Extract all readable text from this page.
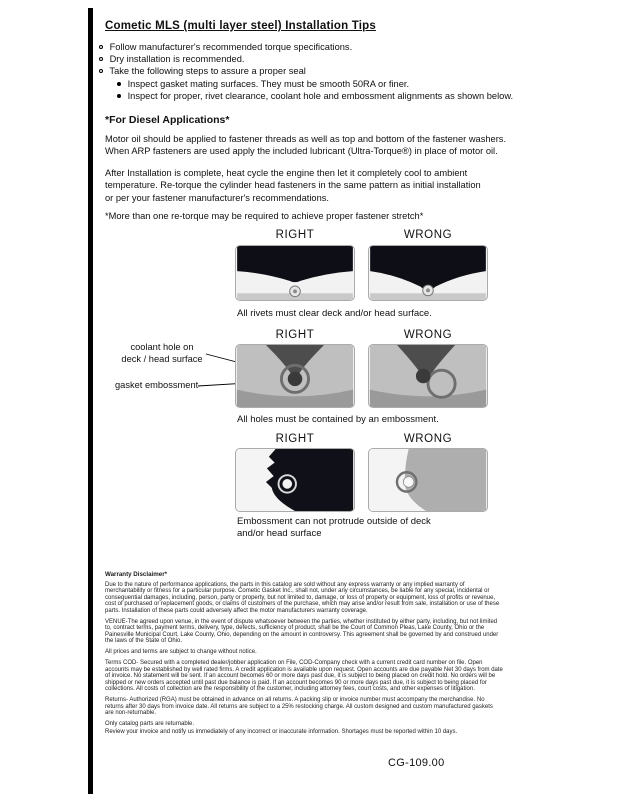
Cometic MLS (multi layer steel) Installation Tips
Follow manufacturer's recommended torque specifications.
Dry installation is recommended.
Take the following steps to assure a proper seal
Inspect gasket mating surfaces. They must be smooth 50RA or finer.
Inspect for proper, rivet clearance, coolant hole and embossment alignments as shown below.
*For Diesel Applications*
Motor oil should be applied to fastener threads as well as top and bottom of the fastener washers.
When ARP fasteners are used apply the included lubricant (Ultra-Torque®) in place of motor oil.
After Installation is complete, heat cycle the engine then let it completely cool to ambient
temperature. Re-torque the cylinder head fasteners in the same pattern as initial installation
or per your fastener manufacturer's recommendations.
*More than one re-torque may be required to achieve proper fastener stretch*
RIGHT	WRONG
All rivets must clear deck and/or head surface.
RIGHT	WRONG
coolant hole on
deck / head surface
gasket embossment
All holes must be contained by an embossment.
RIGHT	WRONG
Embossment can not protrude outside of deck
and/or head surface
Warranty Disclaimer*

Due to the nature of performance applications, the parts in this catalog are sold without any express warranty or any implied warranty of merchantability or fitness for a particular purpose. Cometic Gasket Inc., shall not, under any circumstances, be liable for any special, incidental or consequential damages, including, person, party or property, but not limited to, damage, or loss of property or equipment, loss of profits or revenue, cost of purchased or replacement goods, or claims of customers of the purchase, which may arise and/or result from sale, installation or use of these parts. Installation of these parts could adversely affect the motor manufacturers warranty coverage.

VENUE-The agreed upon venue, in the event of dispute whatsoever between the parties, whether instituted by either party, including, but not limited to, contract terms, payment terms, delivery, type, defects, sufficiency of product, shall be the Court of Common Pleas, Lake County, Ohio or the Painesville Municipal Court, Lake County, Ohio, depending on the amount in controversy. This agreement shall be governed by and construed under the laws of the State of Ohio.

All prices and terms are subject to change without notice.

Terms COD- Secured with a completed dealer/jobber application on File, COD-Company check with a current credit card number on file. Open accounts may be established by well rated firms. A credit application is available upon request. Open accounts are due payable Net 30 days from date of invoice. No statement will be sent. If an account becomes 60 or more days past due, it is subject to being placed on credit hold. No orders will be shipped or new orders accepted until past due balance is paid. If an account becomes 90 or more days past due, it is subject to being placed for collections. All costs of collection are the responsibility of the customer, including attorney fees, court costs, and other expenses of litigation.

Returns- Authorized (RGA) must be obtained in advance on all returns. A packing slip or invoice number must accompany the merchandise. No returns after 30 days from invoice date. All returns are subject to a 25% restocking charge. All custom designed and custom manufactured gaskets are non-returnable.

Only catalog parts are returnable.

Review your invoice and notify us immediately of any incorrect or inaccurate information. Shortages must be reported within 10 days.

CG-109.00
